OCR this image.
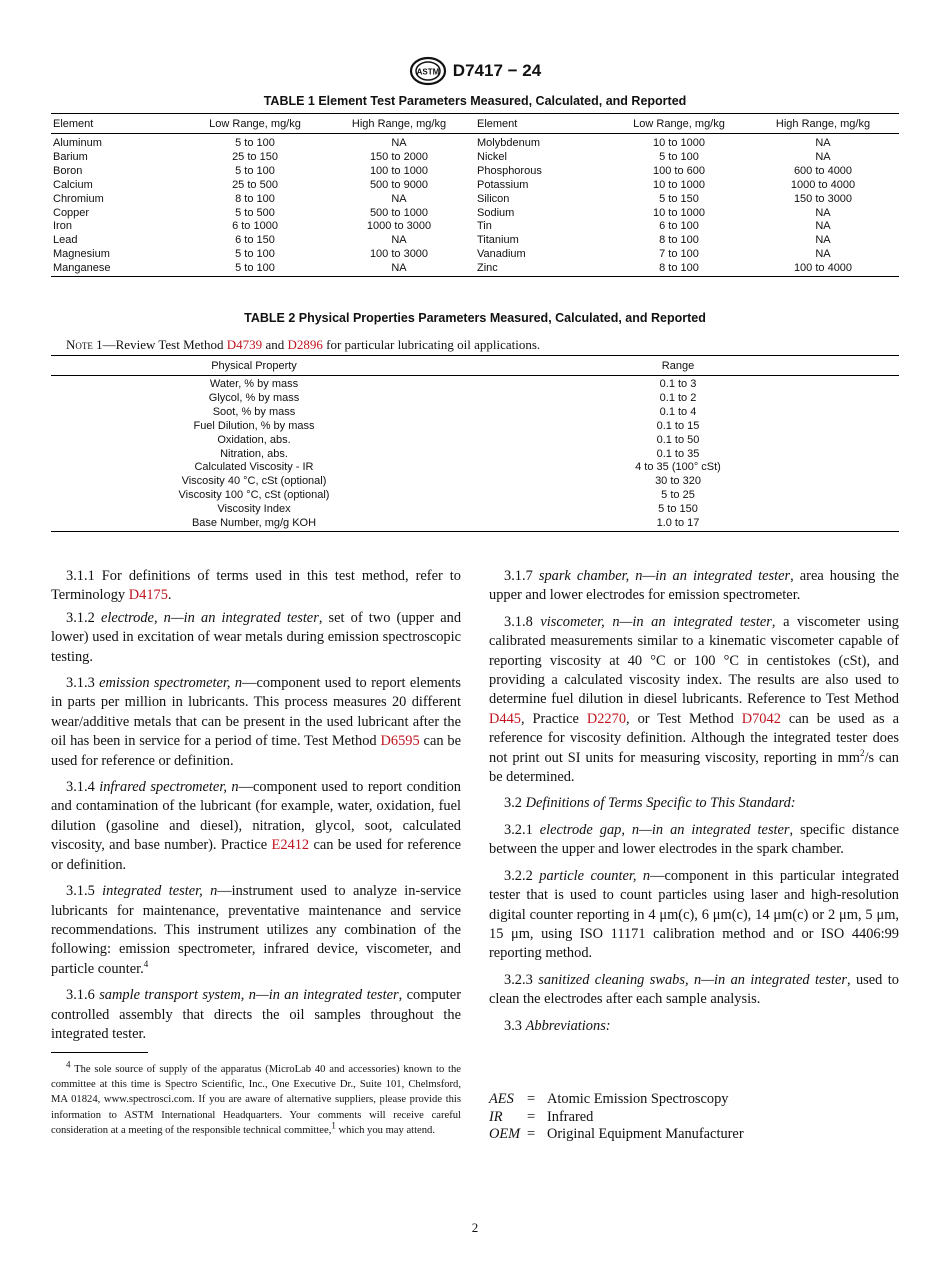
ASTM D7417 − 24
TABLE 1 Element Test Parameters Measured, Calculated, and Reported
Element	Low Range, mg/kg	High Range, mg/kg	Element	Low Range, mg/kg	High Range, mg/kg
Aluminum	5 to 100	NA	Molybdenum	10 to 1000	NA
Barium	25 to 150	150 to 2000	Nickel	5 to 100	NA
Boron	5 to 100	100 to 1000	Phosphorous	100 to 600	600 to 4000
Calcium	25 to 500	500 to 9000	Potassium	10 to 1000	1000 to 4000
Chromium	8 to 100	NA	Silicon	5 to 150	150 to 3000
Copper	5 to 500	500 to 1000	Sodium	10 to 1000	NA
Iron	6 to 1000	1000 to 3000	Tin	6 to 100	NA
Lead	6 to 150	NA	Titanium	8 to 100	NA
Magnesium	5 to 100	100 to 3000	Vanadium	7 to 100	NA
Manganese	5 to 100	NA	Zinc	8 to 100	100 to 4000
TABLE 2 Physical Properties Parameters Measured, Calculated, and Reported
Note 1—Review Test Method D4739 and D2896 for particular lubricating oil applications.
Physical Property	Range
Water, % by mass	0.1 to 3
Glycol, % by mass	0.1 to 2
Soot, % by mass	0.1 to 4
Fuel Dilution, % by mass	0.1 to 15
Oxidation, abs.	0.1 to 50
Nitration, abs.	0.1 to 35
Calculated Viscosity - IR	4 to 35 (100° cSt)
Viscosity 40 °C, cSt (optional)	30 to 320
Viscosity 100 °C, cSt (optional)	5 to 25
Viscosity Index	5 to 150
Base Number, mg/g KOH	1.0 to 17

3.1.1 For definitions of terms used in this test method, refer to Terminology D4175.

3.1.2 electrode, n—in an integrated tester, set of two (upper and lower) used in excitation of wear metals during emission spectroscopic testing.

3.1.3 emission spectrometer, n—component used to report elements in parts per million in lubricants. This process measures 20 different wear/additive metals that can be present in the used lubricant after the oil has been in service for a period of time. Test Method D6595 can be used for reference or definition.

3.1.4 infrared spectrometer, n—component used to report condition and contamination of the lubricant (for example, water, oxidation, fuel dilution (gasoline and diesel), nitration, glycol, soot, calculated viscosity, and base number). Practice E2412 can be used for reference or definition.

3.1.5 integrated tester, n—instrument used to analyze in-service lubricants for maintenance, preventative maintenance and service recommendations. This instrument utilizes any combination of the following: emission spectrometer, infrared device, viscometer, and particle counter.$^4$

3.1.6 sample transport system, n—in an integrated tester, computer controlled assembly that directs the oil samples throughout the integrated tester.

$^4$ The sole source of supply of the apparatus (MicroLab 40 and accessories) known to the committee at this time is Spectro Scientific, Inc., One Executive Dr., Suite 101, Chelmsford, MA 01824, www.spectrosci.com. If you are aware of alternative suppliers, please provide this information to ASTM International Headquarters. Your comments will receive careful consideration at a meeting of the responsible technical committee,$^1$ which you may attend.

3.1.7 spark chamber, n—in an integrated tester, area housing the upper and lower electrodes for emission spectrometer.

3.1.8 viscometer, n—in an integrated tester, a viscometer using calibrated measurements similar to a kinematic viscometer capable of reporting viscosity at 40 °C or 100 °C in centistokes (cSt), and providing a calculated viscosity index. The results are also used to determine fuel dilution in diesel lubricants. Reference to Test Method D445, Practice D2270, or Test Method D7042 can be used as a reference for viscosity definition. Although the integrated tester does not print out SI units for measuring viscosity, reporting in $mm^2/s$ can be determined.

3.2 Definitions of Terms Specific to This Standard:

3.2.1 electrode gap, n—in an integrated tester, specific distance between the upper and lower electrodes in the spark chamber.

3.2.2 particle counter, n—component in this particular integrated tester that is used to count particles using laser and high-resolution digital counter reporting in 4 μm(c), 6 μm(c), 14 μm(c) or 2 μm, 5 μm, 15 μm, using ISO 11171 calibration method and or ISO 4406:99 reporting method.

3.2.3 sanitized cleaning swabs, n—in an integrated tester, used to clean the electrodes after each sample analysis.

3.3 Abbreviations:

AES = Atomic Emission Spectroscopy
IR	= Infrared
OEM = Original Equipment Manufacturer
2
